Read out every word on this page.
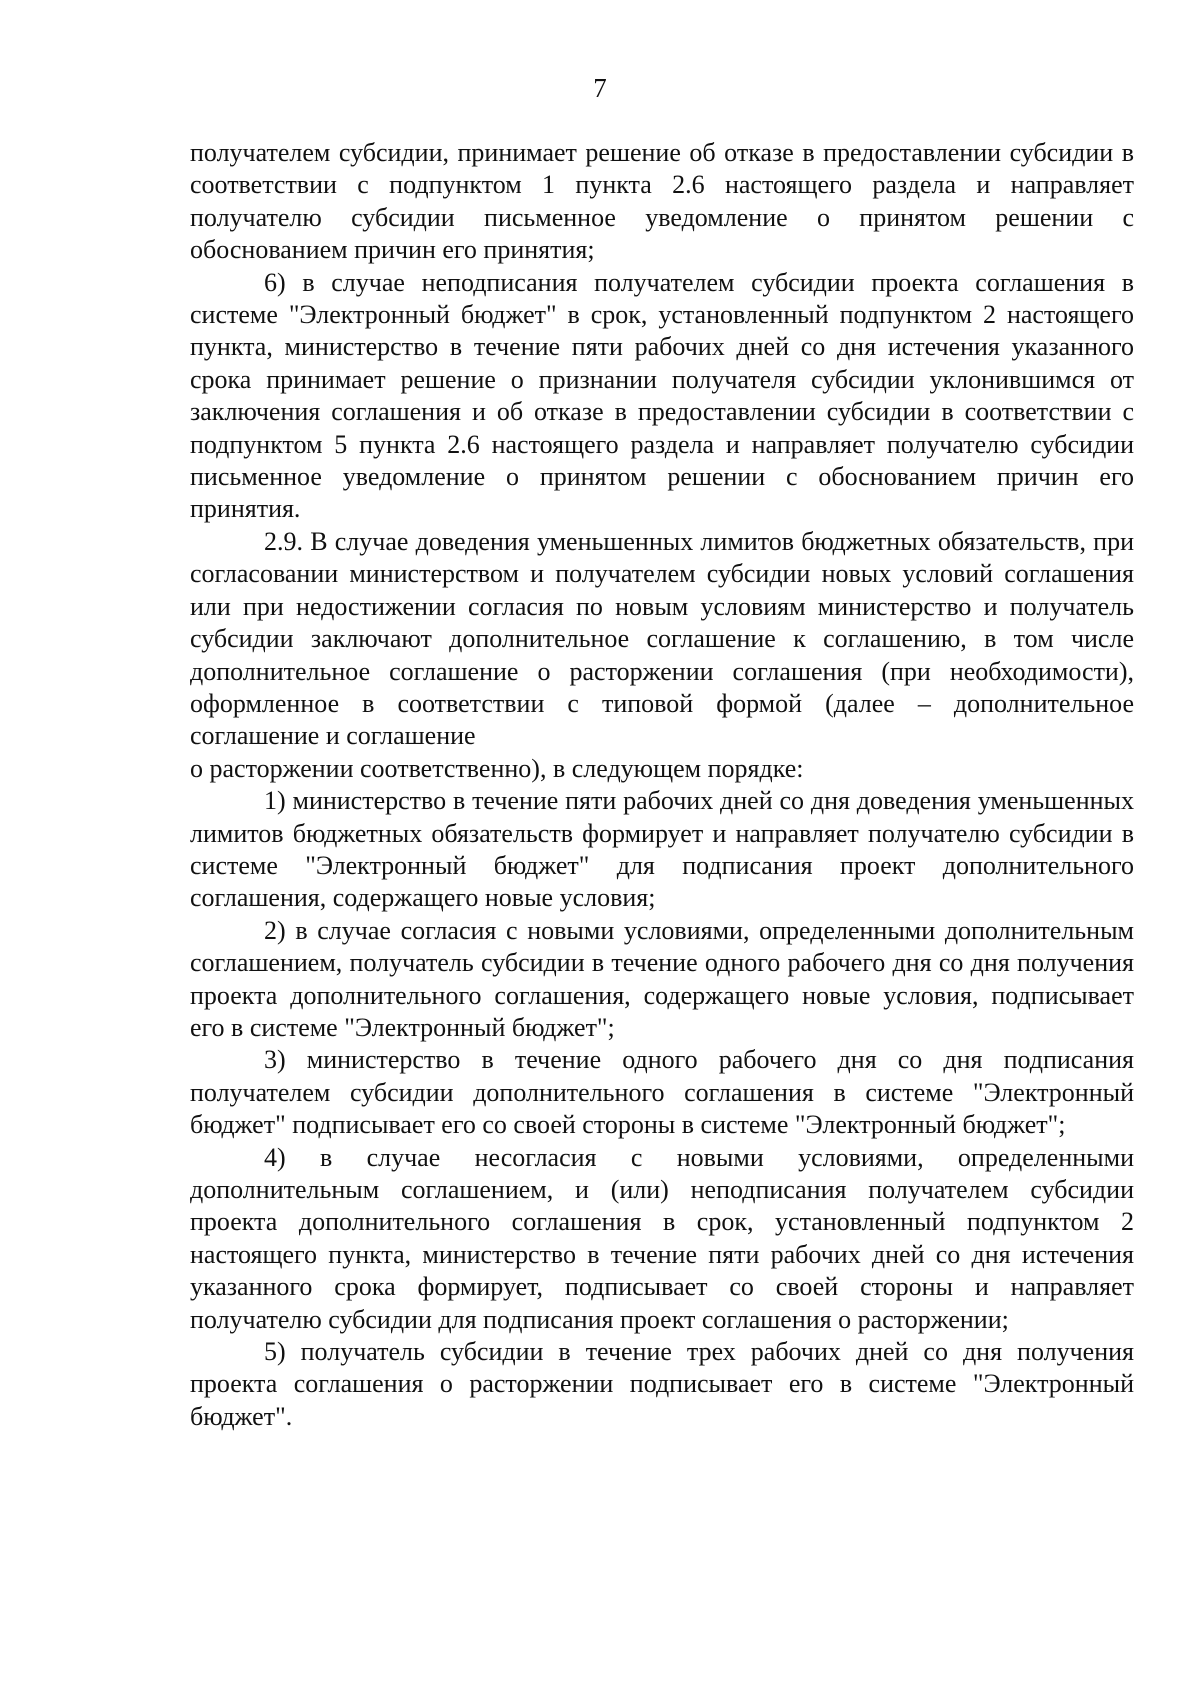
7

получателем субсидии, принимает решение об отказе в предоставлении субсидии в соответствии с подпунктом 1 пункта 2.6 настоящего раздела и направляет получателю субсидии письменное уведомление о принятом решении с обоснованием причин его принятия;

6) в случае неподписания получателем субсидии проекта соглашения в системе "Электронный бюджет" в срок, установленный подпунктом 2 настоящего пункта, министерство в течение пяти рабочих дней со дня истечения указанного срока принимает решение о признании получателя субсидии уклонившимся от заключения соглашения и об отказе в предоставлении субсидии в соответствии с подпунктом 5 пункта 2.6 настоящего раздела и направляет получателю субсидии письменное уведомление о принятом решении с обоснованием причин его принятия.

2.9. В случае доведения уменьшенных лимитов бюджетных обязательств, при согласовании министерством и получателем субсидии новых условий соглашения или при недостижении согласия по новым условиям министерство и получатель субсидии заключают дополнительное соглашение к соглашению, в том числе дополнительное соглашение о расторжении соглашения (при необходимости), оформленное в соответствии с типовой формой (далее – дополнительное соглашение и соглашение

о расторжении соответственно), в следующем порядке:

1) министерство в течение пяти рабочих дней со дня доведения уменьшенных лимитов бюджетных обязательств формирует и направляет получателю субсидии в системе "Электронный бюджет" для подписания проект дополнительного соглашения, содержащего новые условия;

2) в случае согласия с новыми условиями, определенными дополнительным соглашением, получатель субсидии в течение одного рабочего дня со дня получения проекта дополнительного соглашения, содержащего новые условия, подписывает его в системе "Электронный бюджет";

3) министерство в течение одного рабочего дня со дня подписания получателем субсидии дополнительного соглашения в системе "Электронный бюджет" подписывает его со своей стороны в системе "Электронный бюджет";

4) в случае несогласия с новыми условиями, определенными дополнительным соглашением, и (или) неподписания получателем субсидии проекта дополнительного соглашения в срок, установленный подпунктом 2 настоящего пункта, министерство в течение пяти рабочих дней со дня истечения указанного срока формирует, подписывает со своей стороны и направляет получателю субсидии для подписания проект соглашения о расторжении;

5) получатель субсидии в течение трех рабочих дней со дня получения проекта соглашения о расторжении подписывает его в системе "Электронный бюджет".
